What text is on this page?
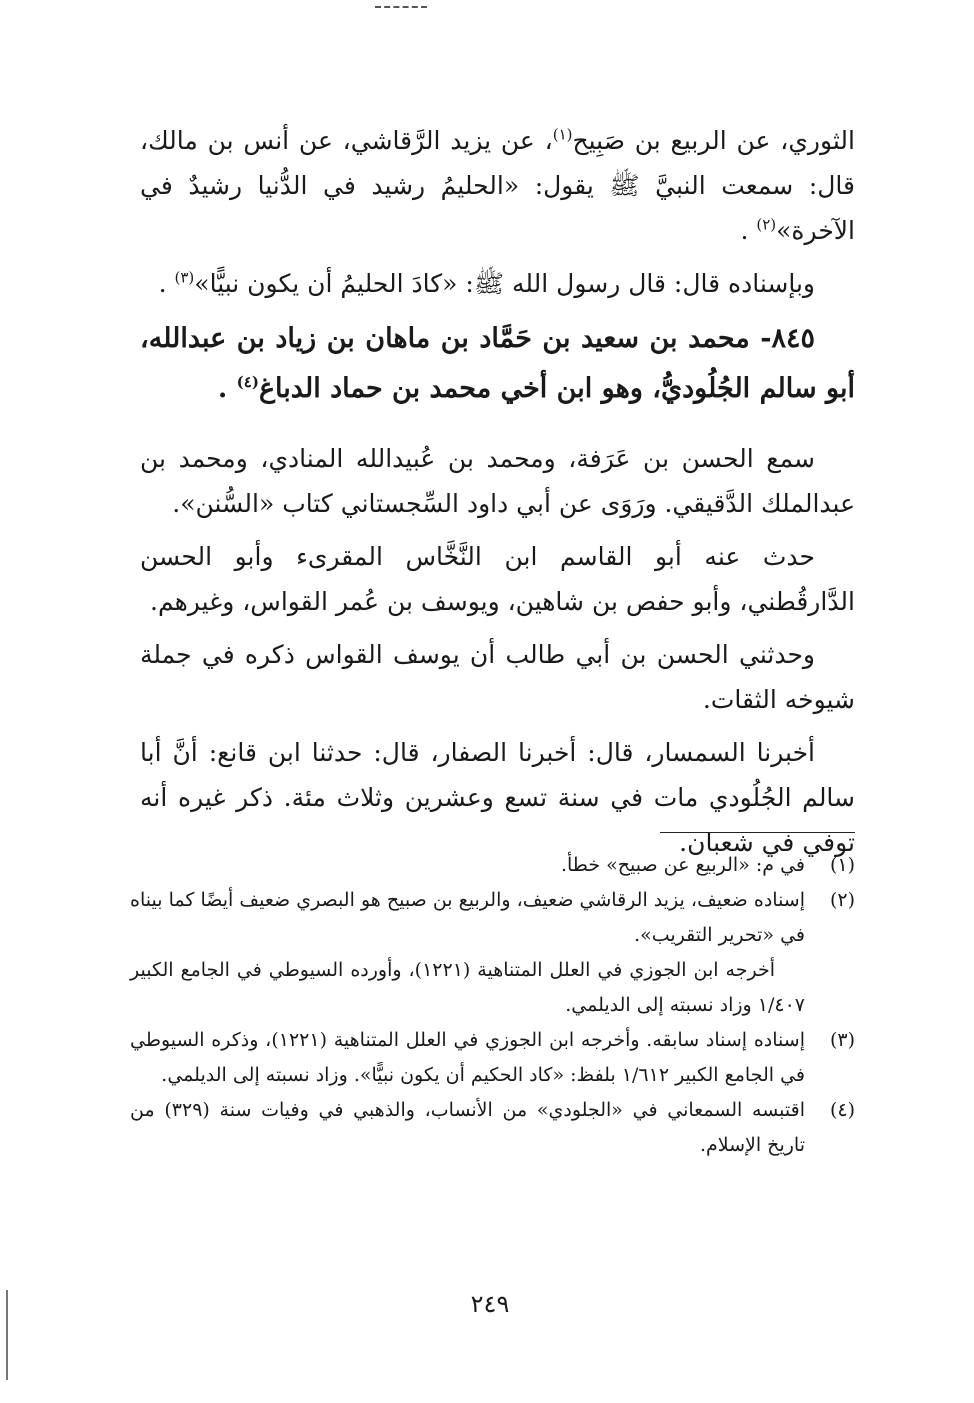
الثوري، عن الربيع بن صَبِيح$^{(١)}$، عن يزيد الرَّقاشي، عن أنس بن مالك، قال: سمعت النبيَّ ﷺ يقول: «الحليمُ رشيد في الدُّنيا رشيدٌ في الآخرة»$^{(٢)}$ .

وبإسناده قال: قال رسول الله ﷺ: «كادَ الحليمُ أن يكون نبيًّا»$^{(٣)}$ .

٨٤٥- محمد بن سعيد بن حَمَّاد بن ماهان بن زياد بن عبدالله، أبو سالم الجُلُوديُّ، وهو ابن أخي محمد بن حماد الدباغ$^{(٤)}$ .

سمع الحسن بن عَرَفة، ومحمد بن عُبيدالله المنادي، ومحمد بن عبدالملك الدَّقيقي. ورَوَى عن أبي داود السِّجستاني كتاب «السُّنن».

حدث عنه أبو القاسم ابن النَّخَّاس المقرىء وأبو الحسن الدَّارقُطني، وأبو حفص بن شاهين، ويوسف بن عُمر القواس، وغيرهم.

وحدثني الحسن بن أبي طالب أن يوسف القواس ذكره في جملة شيوخه الثقات.

أخبرنا السمسار، قال: أخبرنا الصفار، قال: حدثنا ابن قانع: أنَّ أبا سالم الجُلُودي مات في سنة تسع وعشرين وثلاث مئة. ذكر غيره أنه توفي في شعبان.

(١)
في م: «الربيع عن صبيح» خطأ.
(٢)
إسناده ضعيف، يزيد الرقاشي ضعيف، والربيع بن صبيح هو البصري ضعيف أيضًا كما بيناه في «تحرير التقريب».
أخرجه ابن الجوزي في العلل المتناهية (١٢٢١)، وأورده السيوطي في الجامع الكبير ١/٤٠٧ وزاد نسبته إلى الديلمي.
(٣)
إسناده إسناد سابقه. وأخرجه ابن الجوزي في العلل المتناهية (١٢٢١)، وذكره السيوطي في الجامع الكبير ١/٦١٢ بلفظ: «كاد الحكيم أن يكون نبيًّا». وزاد نسبته إلى الديلمي.
(٤)
اقتبسه السمعاني في «الجلودي» من الأنساب، والذهبي في وفيات سنة (٣٢٩) من تاريخ الإسلام.
٢٤٩
